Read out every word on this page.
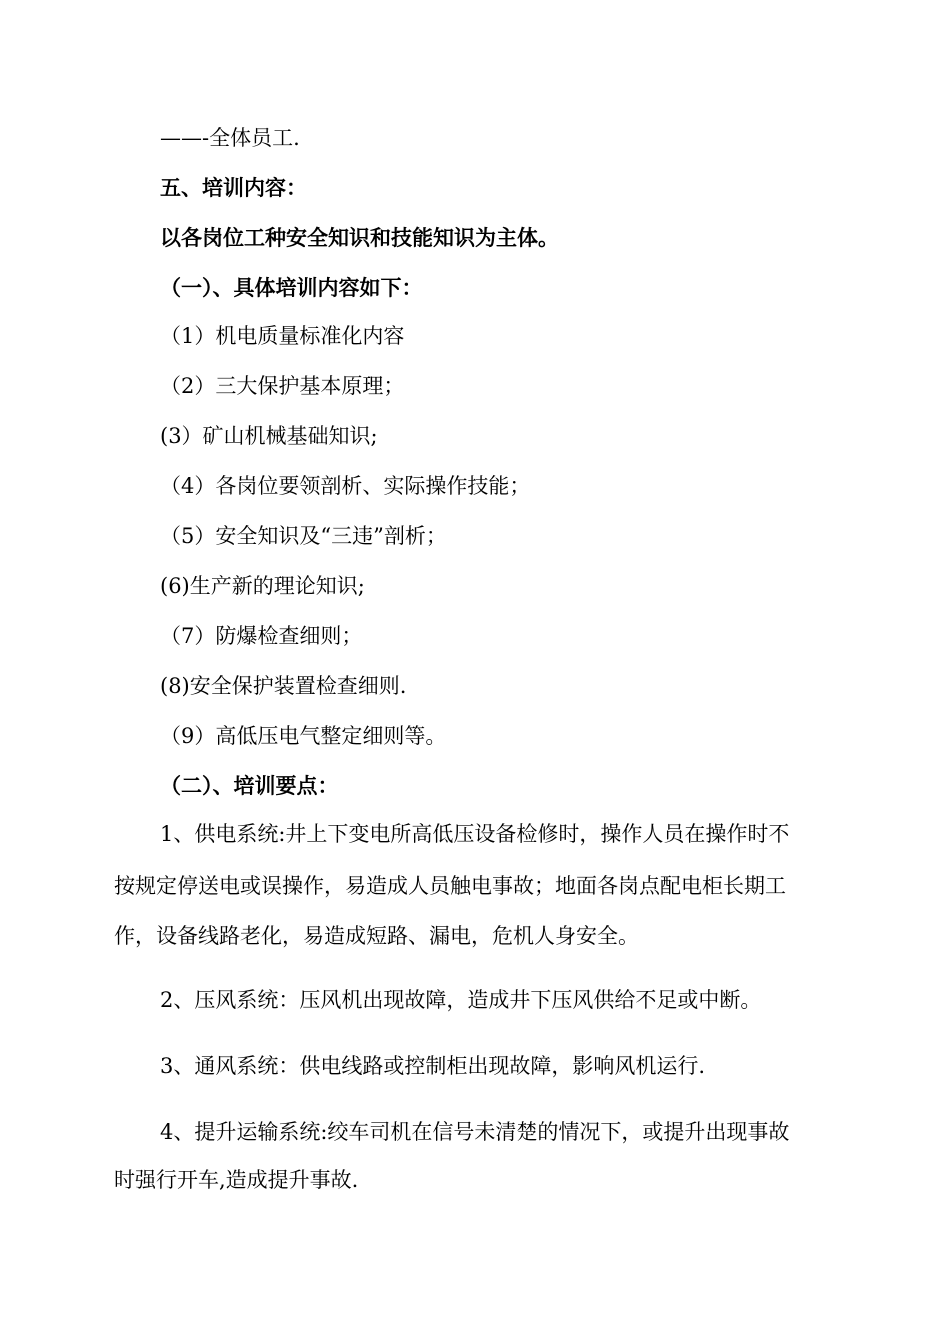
——-全体员工.
五、培训内容：
以各岗位工种安全知识和技能知识为主体。
（一）、具体培训内容如下：
（1）机电质量标准化内容
（2）三大保护基本原理；
(3）矿山机械基础知识;
（4）各岗位要领剖析、实际操作技能；
（5）安全知识及“三违”剖析；
(6)生产新的理论知识;
（7）防爆检查细则；
(8)安全保护装置检查细则.
（9）高低压电气整定细则等。
（二）、培训要点：
1、供电系统:井上下变电所高低压设备检修时，操作人员在操作时不
按规定停送电或误操作，易造成人员触电事故；地面各岗点配电柜长期工
作，设备线路老化，易造成短路、漏电，危机人身安全。
2、压风系统：压风机出现故障，造成井下压风供给不足或中断。
3、通风系统：供电线路或控制柜出现故障，影响风机运行.
4、提升运输系统:绞车司机在信号未清楚的情况下，或提升出现事故
时强行开车,造成提升事故.
